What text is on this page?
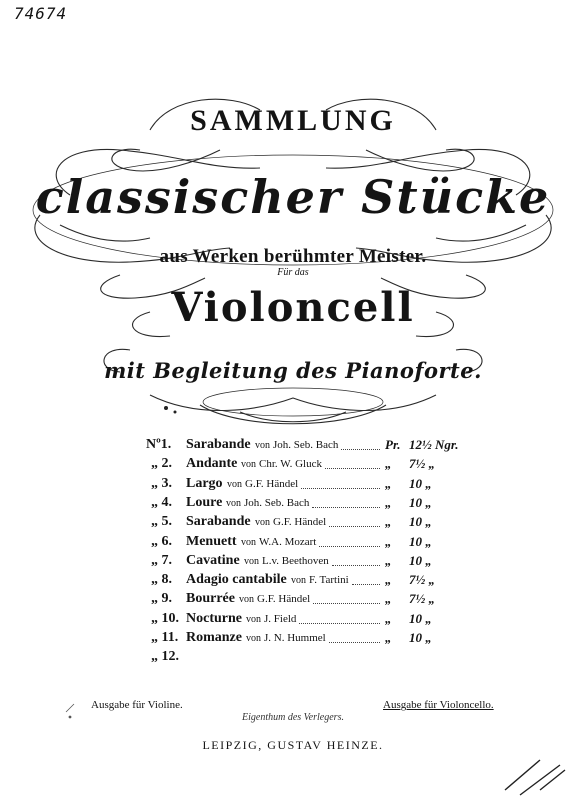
74674
SAMMLUNG
classischer Stücke
aus Werken berühmter Meister.
Für das
Violoncell
mit Begleitung des Pianoforte.
Nº1. Sarabande von Joh. Seb. Bach	Pr. 12½ Ngr.
„ 2. Andante von Chr. W. Gluck	„ 7½ „
„ 3. Largo von G.F. Händel	„ 10 „
„ 4. Loure von Joh. Seb. Bach	„ 10 „
„ 5. Sarabande von G.F. Händel	„ 10 „
„ 6. Menuett von W.A. Mozart	„ 10 „
„ 7. Cavatine von L.v. Beethoven	„ 10 „
„ 8. Adagio cantabile von F. Tartini	„ 7½ „
„ 9. Bourrée von G.F. Händel	„ 7½ „
„ 10. Nocturne von J. Field	„ 10 „
„ 11. Romanze von J. N. Hummel	„ 10 „
„ 12.
Ausgabe für Violine.	Ausgabe für Violoncello.
Eigenthum des Verlegers.
LEIPZIG, GUSTAV HEINZE.
